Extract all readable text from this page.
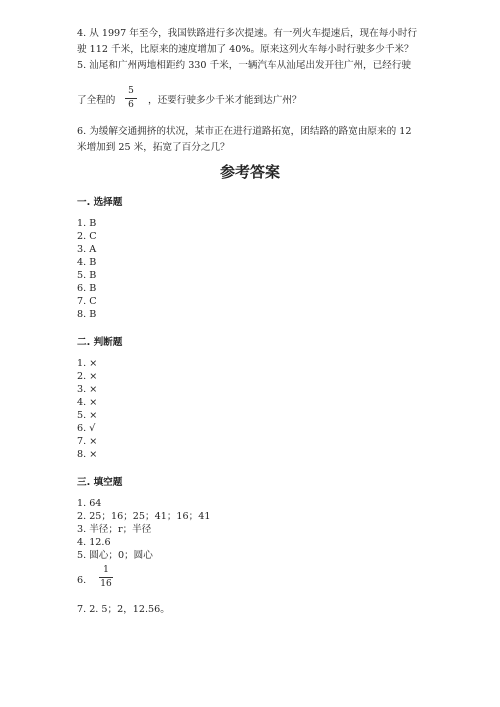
4. 从 1997 年至今，我国铁路进行多次提速。有一列火车提速后，现在每小时行
驶 112 千米，比原来的速度增加了 40%。原来这列火车每小时行驶多少千米？
5. 汕尾和广州两地相距约 330 千米，一辆汽车从汕尾出发开往广州，已经行驶
了全程的
5
6	，还要行驶多少千米才能到达广州？
6. 为缓解交通拥挤的状况，某市正在进行道路拓宽，团结路的路宽由原来的 12
米增加到 25 米，拓宽了百分之几？
参考答案
一. 选择题
1. B
2. C
3. A
4. B
5. B
6. B
7. C
8. B
二. 判断题
1. ×
2. ×
3. ×
4. ×
5. ×
6. √
7. ×
8. ×
三. 填空题
1. 64
2. 25；16；25；41；16；41
3. 半径；r；半径
4. 12.6
5. 圆心；0；圆心
6.
1
16
7. 2. 5；2，12.56。
